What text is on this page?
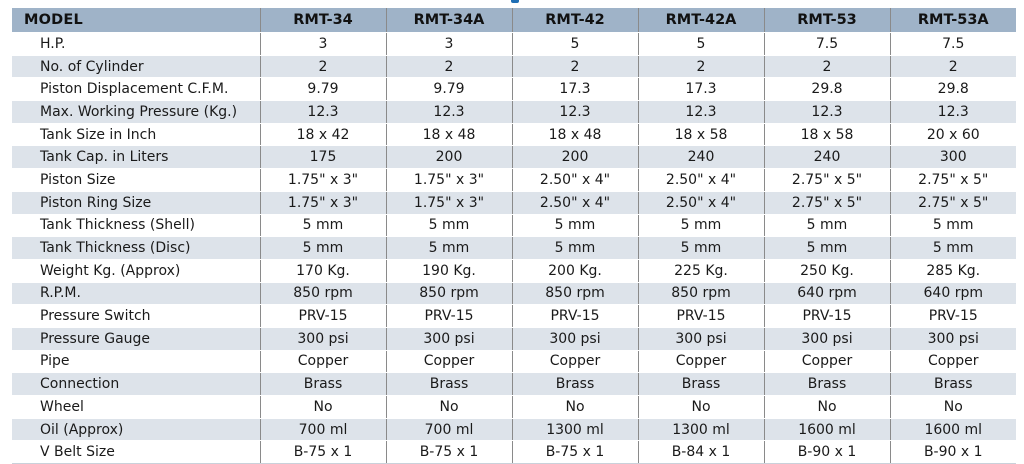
MODEL	RMT-34	RMT-34A	RMT-42	RMT-42A	RMT-53	RMT-53A
H.P.	3	3	5	5	7.5	7.5
No. of Cylinder	2	2	2	2	2	2
Piston Displacement C.F.M.	9.79	9.79	17.3	17.3	29.8	29.8
Max. Working Pressure (Kg.)	12.3	12.3	12.3	12.3	12.3	12.3
Tank Size in Inch	18 x 42	18 x 48	18 x 48	18 x 58	18 x 58	20 x 60
Tank Cap. in Liters	175	200	200	240	240	300
Piston Size	1.75" x 3"	1.75" x 3"	2.50" x 4"	2.50" x 4"	2.75" x 5"	2.75" x 5"
Piston Ring Size	1.75" x 3"	1.75" x 3"	2.50" x 4"	2.50" x 4"	2.75" x 5"	2.75" x 5"
Tank Thickness (Shell)	5 mm	5 mm	5 mm	5 mm	5 mm	5 mm
Tank Thickness (Disc)	5 mm	5 mm	5 mm	5 mm	5 mm	5 mm
Weight Kg. (Approx)	170 Kg.	190 Kg.	200 Kg.	225 Kg.	250 Kg.	285 Kg.
R.P.M.	850 rpm	850 rpm	850 rpm	850 rpm	640 rpm	640 rpm
Pressure Switch	PRV-15	PRV-15	PRV-15	PRV-15	PRV-15	PRV-15
Pressure Gauge	300 psi	300 psi	300 psi	300 psi	300 psi	300 psi
Pipe	Copper	Copper	Copper	Copper	Copper	Copper
Connection	Brass	Brass	Brass	Brass	Brass	Brass
Wheel	No	No	No	No	No	No
Oil (Approx)	700 ml	700 ml	1300 ml	1300 ml	1600 ml	1600 ml
V Belt Size	B-75 x 1	B-75 x 1	B-75 x 1	B-84 x 1	B-90 x 1	B-90 x 1
